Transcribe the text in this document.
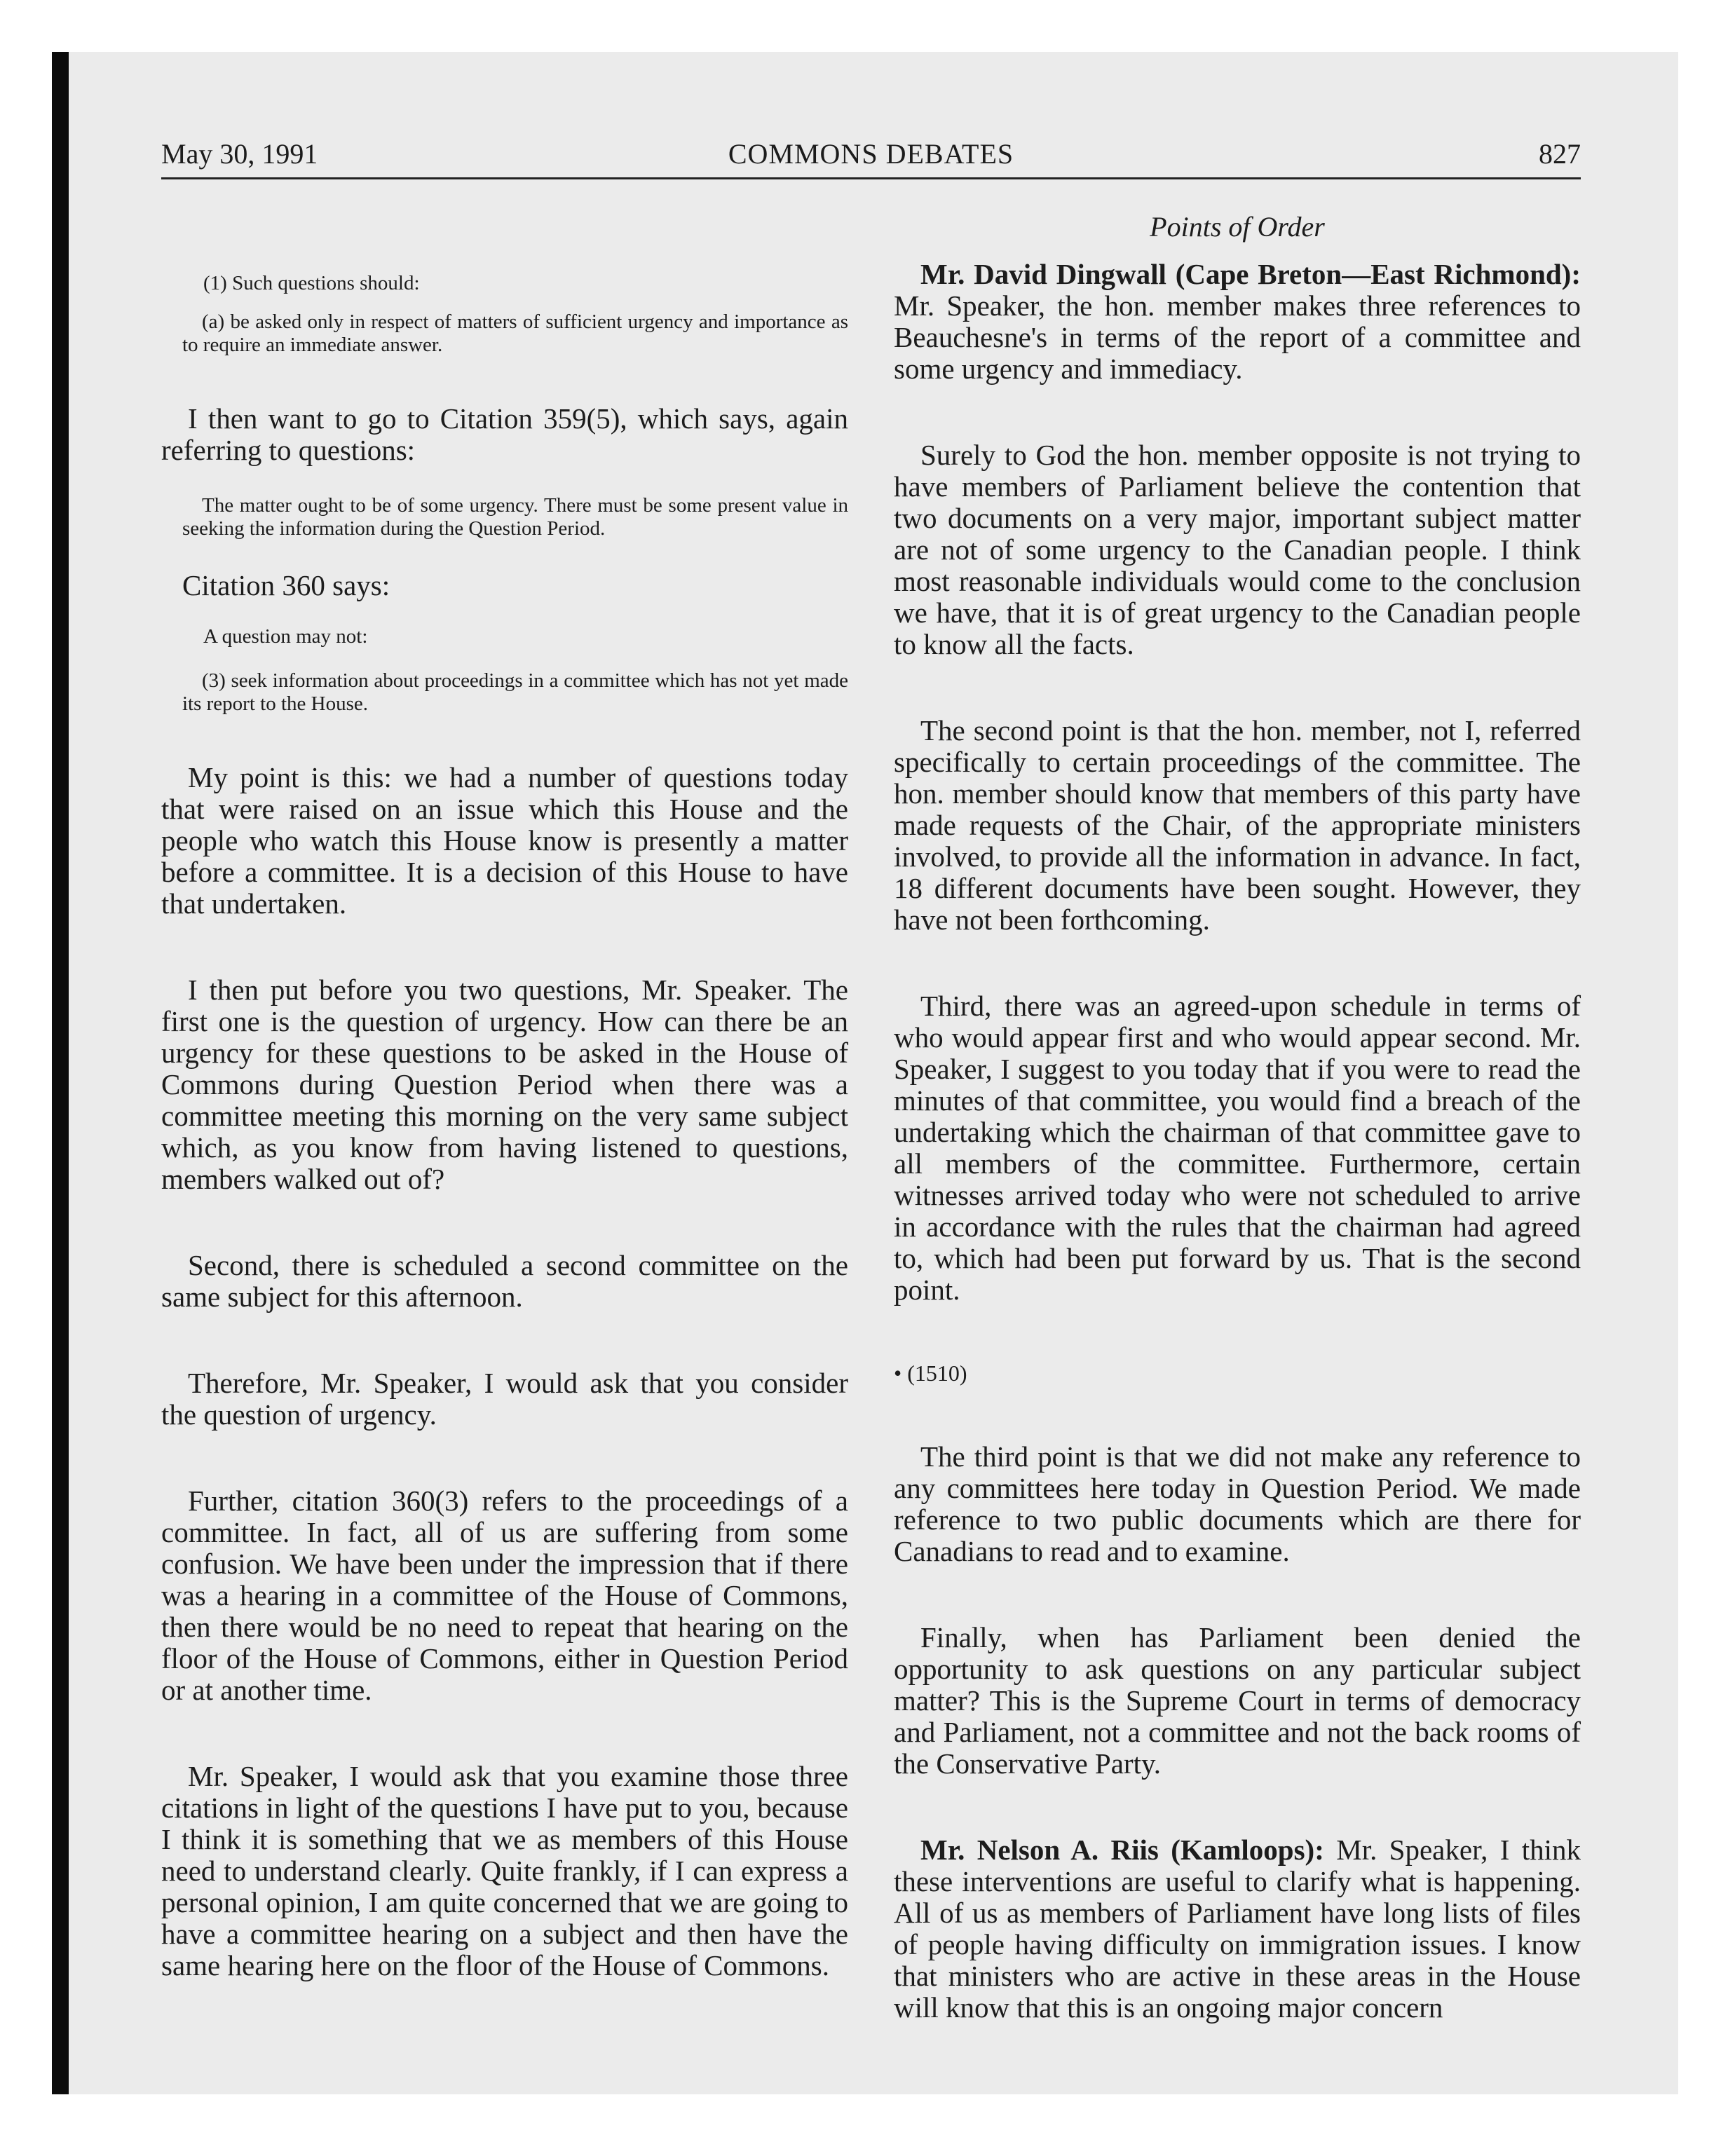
May 30, 1991	COMMONS DEBATES	827

(1) Such questions should:

(a) be asked only in respect of matters of sufficient urgency and importance as to require an immediate answer.

I then want to go to Citation 359(5), which says, again referring to questions:

The matter ought to be of some urgency. There must be some present value in seeking the information during the Question Period.

Citation 360 says:

A question may not:

(3) seek information about proceedings in a committee which has not yet made its report to the House.

My point is this: we had a number of questions today that were raised on an issue which this House and the people who watch this House know is presently a matter before a committee. It is a decision of this House to have that undertaken.

I then put before you two questions, Mr. Speaker. The first one is the question of urgency. How can there be an urgency for these questions to be asked in the House of Commons during Question Period when there was a committee meeting this morning on the very same subject which, as you know from having listened to questions, members walked out of?

Second, there is scheduled a second committee on the same subject for this afternoon.

Therefore, Mr. Speaker, I would ask that you consider the question of urgency.

Further, citation 360(3) refers to the proceedings of a committee. In fact, all of us are suffering from some confusion. We have been under the impression that if there was a hearing in a committee of the House of Commons, then there would be no need to repeat that hearing on the floor of the House of Commons, either in Question Period or at another time.

Mr. Speaker, I would ask that you examine those three citations in light of the questions I have put to you, because I think it is something that we as members of this House need to understand clearly. Quite frankly, if I can express a personal opinion, I am quite concerned that we are going to have a committee hearing on a subject and then have the same hearing here on the floor of the House of Commons.

Points of Order

Mr. David Dingwall (Cape Breton—East Richmond): Mr. Speaker, the hon. member makes three references to Beauchesne's in terms of the report of a committee and some urgency and immediacy.

Surely to God the hon. member opposite is not trying to have members of Parliament believe the contention that two documents on a very major, important subject matter are not of some urgency to the Canadian people. I think most reasonable individuals would come to the conclusion we have, that it is of great urgency to the Canadian people to know all the facts.

The second point is that the hon. member, not I, referred specifically to certain proceedings of the committee. The hon. member should know that members of this party have made requests of the Chair, of the appropriate ministers involved, to provide all the information in advance. In fact, 18 different documents have been sought. However, they have not been forthcoming.

Third, there was an agreed-upon schedule in terms of who would appear first and who would appear second. Mr. Speaker, I suggest to you today that if you were to read the minutes of that committee, you would find a breach of the undertaking which the chairman of that committee gave to all members of the committee. Furthermore, certain witnesses arrived today who were not scheduled to arrive in accordance with the rules that the chairman had agreed to, which had been put forward by us. That is the second point.

• (1510)

The third point is that we did not make any reference to any committees here today in Question Period. We made reference to two public documents which are there for Canadians to read and to examine.

Finally, when has Parliament been denied the opportunity to ask questions on any particular subject matter? This is the Supreme Court in terms of democracy and Parliament, not a committee and not the back rooms of the Conservative Party.

Mr. Nelson A. Riis (Kamloops): Mr. Speaker, I think these interventions are useful to clarify what is happening. All of us as members of Parliament have long lists of files of people having difficulty on immigration issues. I know that ministers who are active in these areas in the House will know that this is an ongoing major concern
